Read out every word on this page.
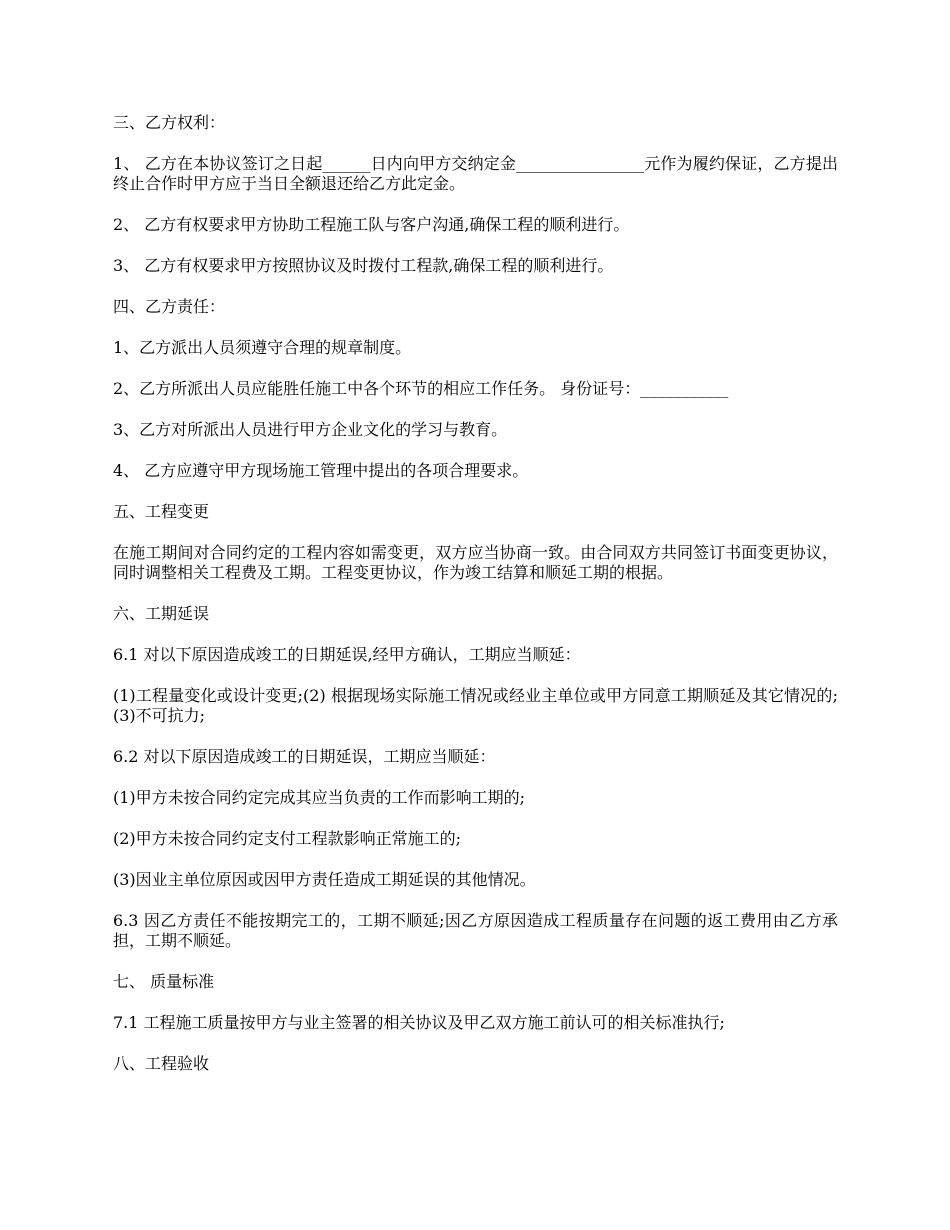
三、乙方权利：

1、 乙方在本协议签订之日起______日内向甲方交纳定金________________元作为履约保证，乙方提出终止合作时甲方应于当日全额退还给乙方此定金。

2、 乙方有权要求甲方协助工程施工队与客户沟通,确保工程的顺利进行。

3、 乙方有权要求甲方按照协议及时拨付工程款,确保工程的顺利进行。

四、乙方责任：

1、乙方派出人员须遵守合理的规章制度。

2、乙方所派出人员应能胜任施工中各个环节的相应工作任务。 身份证号：___________

3、乙方对所派出人员进行甲方企业文化的学习与教育。

4、 乙方应遵守甲方现场施工管理中提出的各项合理要求。

五、工程变更

在施工期间对合同约定的工程内容如需变更，双方应当协商一致。由合同双方共同签订书面变更协议，同时调整相关工程费及工期。工程变更协议，作为竣工结算和顺延工期的根据。

六、工期延误

6.1 对以下原因造成竣工的日期延误,经甲方确认，工期应当顺延：

(1)工程量变化或设计变更;(2) 根据现场实际施工情况或经业主单位或甲方同意工期顺延及其它情况的;(3)不可抗力;

6.2 对以下原因造成竣工的日期延误，工期应当顺延：

(1)甲方未按合同约定完成其应当负责的工作而影响工期的;

(2)甲方未按合同约定支付工程款影响正常施工的;

(3)因业主单位原因或因甲方责任造成工期延误的其他情况。

6.3 因乙方责任不能按期完工的，工期不顺延;因乙方原因造成工程质量存在问题的返工费用由乙方承担，工期不顺延。

七、 质量标准

7.1 工程施工质量按甲方与业主签署的相关协议及甲乙双方施工前认可的相关标准执行;

八、工程验收
